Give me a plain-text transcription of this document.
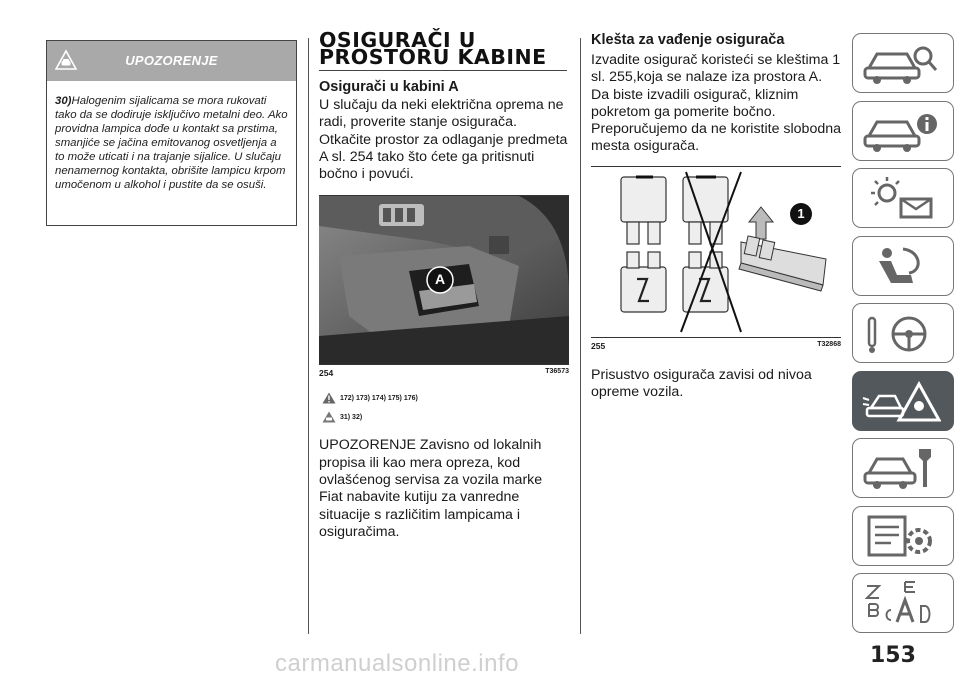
UPOZORENJE
30)Halogenim sijalicama se mora rukovati tako da se dodiruje isključivo metalni deo. Ako providna lampica dođe u kontakt sa prstima, smanjiće se jačina emitovanog osvetljenja a to može uticati i na trajanje sijalice. U slučaju nenamernog kontakta, obrišite lampicu krpom umočenom u alkohol i pustite da se osuši.
OSIGURAČI U
PROSTORU KABINE
Osigurači u kabini A

U slučaju da neki električna oprema ne radi, proverite stanje osigurača. Otkačite prostor za odlaganje predmeta A sl. 254 tako što ćete ga pritisnuti bočno i povući.

A
254	T36573
172) 173) 174) 175) 176)
31) 32)

UPOZORENJE Zavisno od lokalnih propisa ili kao mera opreza, kod ovlašćenog servisa za vozila marke Fiat nabavite kutiju za vanredne situacije s različitim lampicama i osiguračima.

Klešta za vađenje osigurača

Izvadite osigurač koristeći se kleštima 1 sl. 255,koja se nalaze iza prostora A. Da biste izvadili osigurač, kliznim pokretom ga pomerite bočno. Preporučujemo da ne koristite slobodna mesta osigurača.

1
255	T32868

Prisustvo osigurača zavisi od nivoa opreme vozila.

153
carmanualsonline.info
